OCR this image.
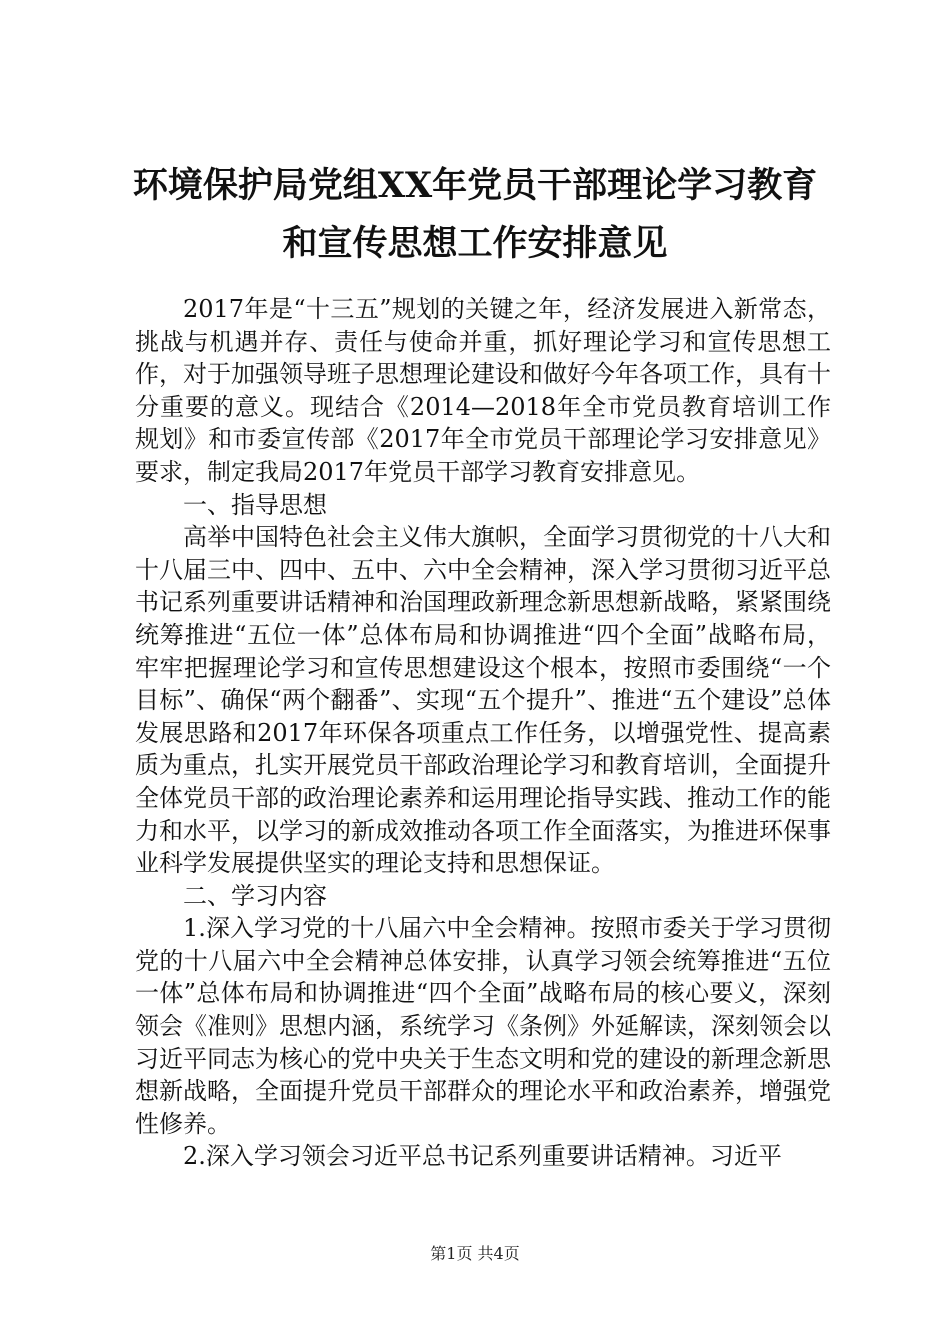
环境保护局党组XX年党员干部理论学习教育
和宣传思想工作安排意见

2017年是“十三五”规划的关键之年，经济发展进入新常态，挑战与机遇并存、责任与使命并重，抓好理论学习和宣传思想工作，对于加强领导班子思想理论建设和做好今年各项工作，具有十分重要的意义。现结合《2014—2018年全市党员教育培训工作规划》和市委宣传部《2017年全市党员干部理论学习安排意见》要求，制定我局2017年党员干部学习教育安排意见。

一、指导思想

高举中国特色社会主义伟大旗帜，全面学习贯彻党的十八大和十八届三中、四中、五中、六中全会精神，深入学习贯彻习近平总书记系列重要讲话精神和治国理政新理念新思想新战略，紧紧围绕统筹推进“五位一体”总体布局和协调推进“四个全面”战略布局，牢牢把握理论学习和宣传思想建设这个根本，按照市委围绕“一个目标”、确保“两个翻番”、实现“五个提升”、推进“五个建设”总体发展思路和2017年环保各项重点工作任务，以增强党性、提高素质为重点，扎实开展党员干部政治理论学习和教育培训，全面提升全体党员干部的政治理论素养和运用理论指导实践、推动工作的能力和水平，以学习的新成效推动各项工作全面落实，为推进环保事业科学发展提供坚实的理论支持和思想保证。

二、学习内容

1.深入学习党的十八届六中全会精神。按照市委关于学习贯彻党的十八届六中全会精神总体安排，认真学习领会统筹推进“五位一体”总体布局和协调推进“四个全面”战略布局的核心要义，深刻领会《准则》思想内涵，系统学习《条例》外延解读，深刻领会以习近平同志为核心的党中央关于生态文明和党的建设的新理念新思想新战略，全面提升党员干部群众的理论水平和政治素养，增强党性修养。

2.深入学习领会习近平总书记系列重要讲话精神。习近平

第1页 共4页
